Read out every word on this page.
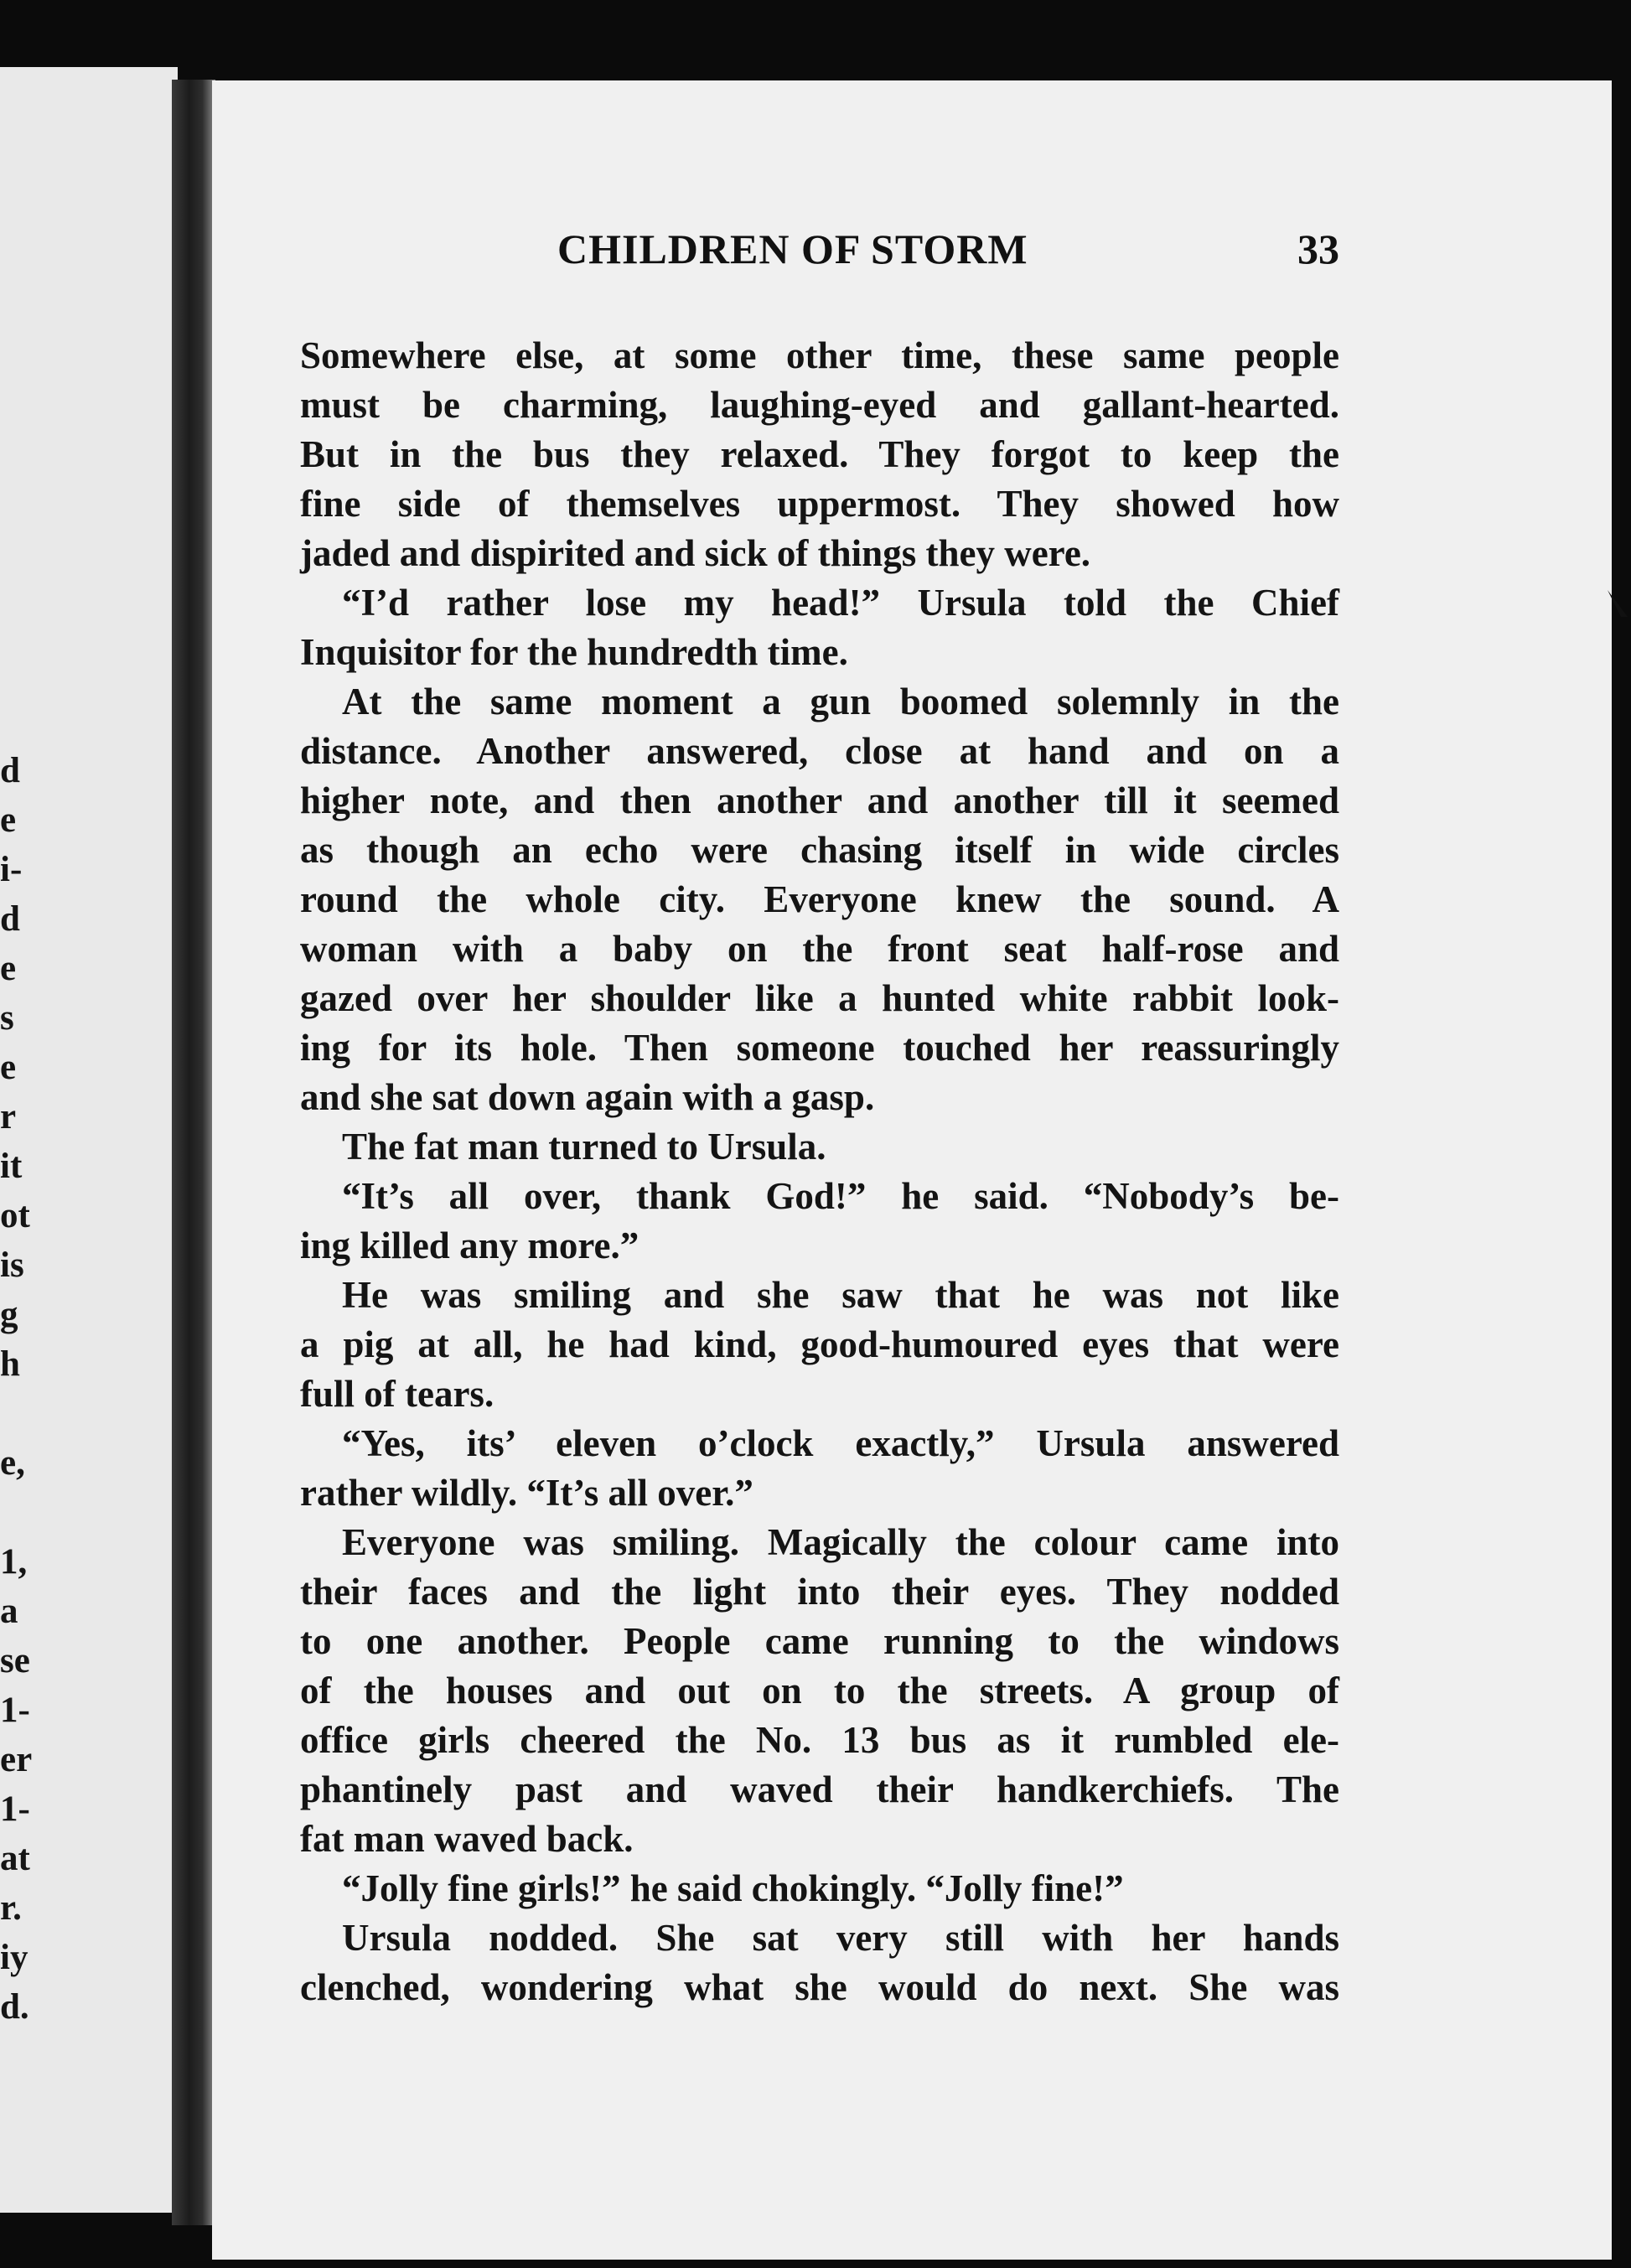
d
e
i-
d
e
s
e
r
it
ot
is
g
h
e,
1,
a
se
1-
er
1-
at
r.
iy
d.
CHILDREN OF STORM	33
Somewhere else, at some other time, these same people
must be charming, laughing-eyed and gallant-hearted.
But in the bus they relaxed. They forgot to keep the
fine side of themselves uppermost. They showed how
jaded and dispirited and sick of things they were.
“I’d rather lose my head!” Ursula told the Chief
Inquisitor for the hundredth time.
At the same moment a gun boomed solemnly in the
distance. Another answered, close at hand and on a
higher note, and then another and another till it seemed
as though an echo were chasing itself in wide circles
round the whole city. Everyone knew the sound. A
woman with a baby on the front seat half-rose and
gazed over her shoulder like a hunted white rabbit look-
ing for its hole. Then someone touched her reassuringly
and she sat down again with a gasp.
The fat man turned to Ursula.
“It’s all over, thank God!” he said. “Nobody’s be-
ing killed any more.”
He was smiling and she saw that he was not like
a pig at all, he had kind, good-humoured eyes that were
full of tears.
“Yes, its’ eleven o’clock exactly,” Ursula answered
rather wildly. “It’s all over.”
Everyone was smiling. Magically the colour came into
their faces and the light into their eyes. They nodded
to one another. People came running to the windows
of the houses and out on to the streets. A group of
office girls cheered the No. 13 bus as it rumbled ele-
phantinely past and waved their handkerchiefs. The
fat man waved back.
“Jolly fine girls!” he said chokingly. “Jolly fine!”
Ursula nodded. She sat very still with her hands
clenched, wondering what she would do next. She was
